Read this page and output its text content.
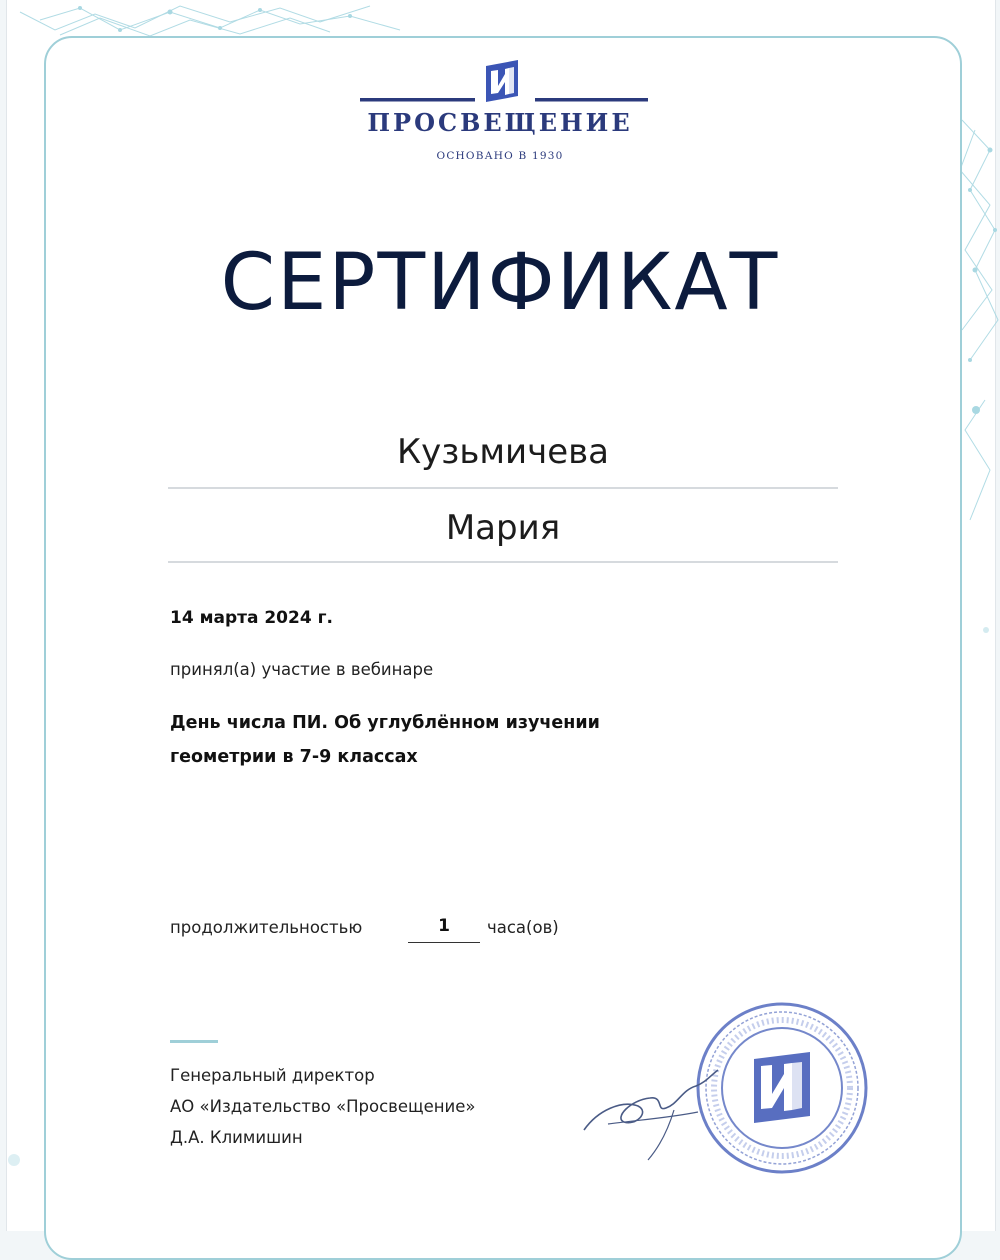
ПРОСВЕЩЕНИЕ
ОСНОВАНО В 1930
СЕРТИФИКАТ
Кузьмичева
Мария
14 марта 2024 г.
принял(а) участие в вебинаре
День числа ПИ. Об углублённом изучении
геометрии в 7-9 классах
продолжительностью	1	часа(ов)
Генеральный директор
АО «Издательство «Просвещение»
Д.А. Климишин
